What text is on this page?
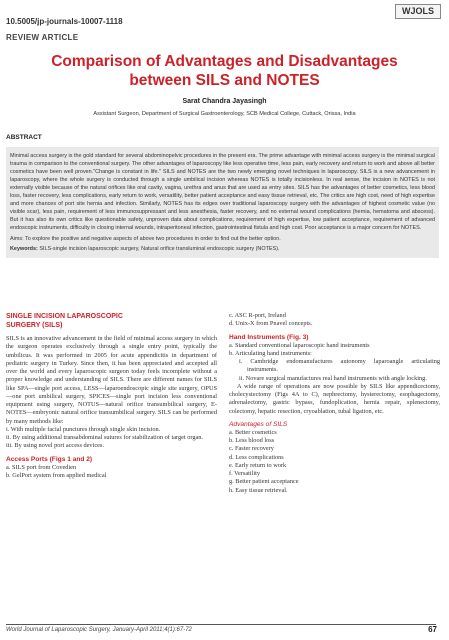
WJOLS
10.5005/jp-journals-10007-1118
REVIEW ARTICLE
Comparison of Advantages and Disadvantages
between SILS and NOTES
Sarat Chandra Jayasingh
Assistant Surgeon, Department of Surgical Gastroenterology, SCB Medical College, Cuttack, Orissa, India
ABSTRACT

Minimal access surgery is the gold standard for several abdominopelvic procedures in the present era. The prime advantage with minimal access surgery is the minimal surgical trauma in comparison to the conventional surgery. The other advantages of laparoscopy like less operative time, less pain, early recovery and return to work and above all better cosmetics have been well proven."Change is constant in life." SILS and NOTES are the two newly emerging novel techniques in laparoscopy. SILS is a new advancement in laparoscopy, where the whole surgery is conducted through a single umbilical incision whereas NOTES is totally incisionless. In real sense, the incision in NOTES is not externally visible because of the natural orifices like oral cavity, vagina, urethra and anus that are used as entry sites. SILS has the advantages of better cosmetics, less blood loss, faster recovery, less complications, early return to work, versatility, better patient acceptance and easy tissue retrieval, etc. The critics are high cost, need of high expertise and more chances of port site hernia and infection. Similarly, NOTES has its edges over traditional laparoscopy surgery with the advantages of highest cosmetic value (no visible scar), less pain, requirement of less immunosuppressant and less anesthesia, faster recovery, and no external wound complications (hernia, hematoma and abscess). But it has also its own critics like questionable safety, unproven data about complications, requirement of high expertise, low patient acceptance, requirement of advanced endoscopic instruments, difficulty in closing internal wounds, intraperitoneal infection, gastrointestinal fistula and high cost. Poor acceptance is a major concern for NOTES.

Aims: To explore the positive and negative aspects of above two procedures in order to find out the better option.

Keywords: SILS-single incision laparoscopic surgery, Natural orifice transluminal endoscopic surgery (NOTES).

SINGLE INCISION LAPAROSCOPIC
SURGERY (SILS)

SILS is an innovative advancement in the field of minimal access surgery in which the surgeon operates exclusively through a single entry point, typically the umbilicus. It was performed in 2005 for acute appendicitis in department of pediatric surgery in Turkey. Since then, it has been appreciated and accepted all over the world and every laparoscopic surgeon today feels incomplete without a proper knowledge and understanding of SILS. There are different names for SILS like SPA—single port access, LESS—laparoendoscopic single site surgery, OPUS—one port umbilical surgery, SPICES—single port incision less conventional equipment using surgery, NOTUS—natural orifice transumbilical surgery, E-NOTES—embryonic natural orifice transumbilical surgery. SILS can be performed by many methods like:

i. With multiple facial punctures through single skin incision.
ii. By using additional transabdominal sutures for stabilization of target organ.
iii. By using novel port access devices.
Access Ports (Figs 1 and 2)
a. SILS port from Covedien
b. GelPort system from applied medical
c. ASC R-port, Ireland
d. Unix-X from Pnavel concepts.
Hand Instruments (Fig. 3)
a. Standard conventional laparoscopic hand instruments
b. Articulating hand instruments:
i. Cambridge endomanufactures autonomy laparoangle articulating instruments.
ii. Novare surgical manufactures real hand instruments with angle locking.

A wide range of operations are now possible by SILS like appendicectomy, cholecystectomy (Figs 4A to C), nephrectomy, hysterectomy, esophagectomy, adrenalectomy, gastric bypass, fundoplication, hernia repair, splenectomy, colectomy, hepatic resection, cryoablation, tubal ligation, etc.

Advantages of SILS
a. Better cosmetics
b. Less blood loss
c. Faster recovery
d. Less complications
e. Early return to work
f. Versatility
g. Better patient acceptance
h. Easy tissue retrieval.
World Journal of Laparoscopic Surgery, January-April 2011;4(1):67-72	67
